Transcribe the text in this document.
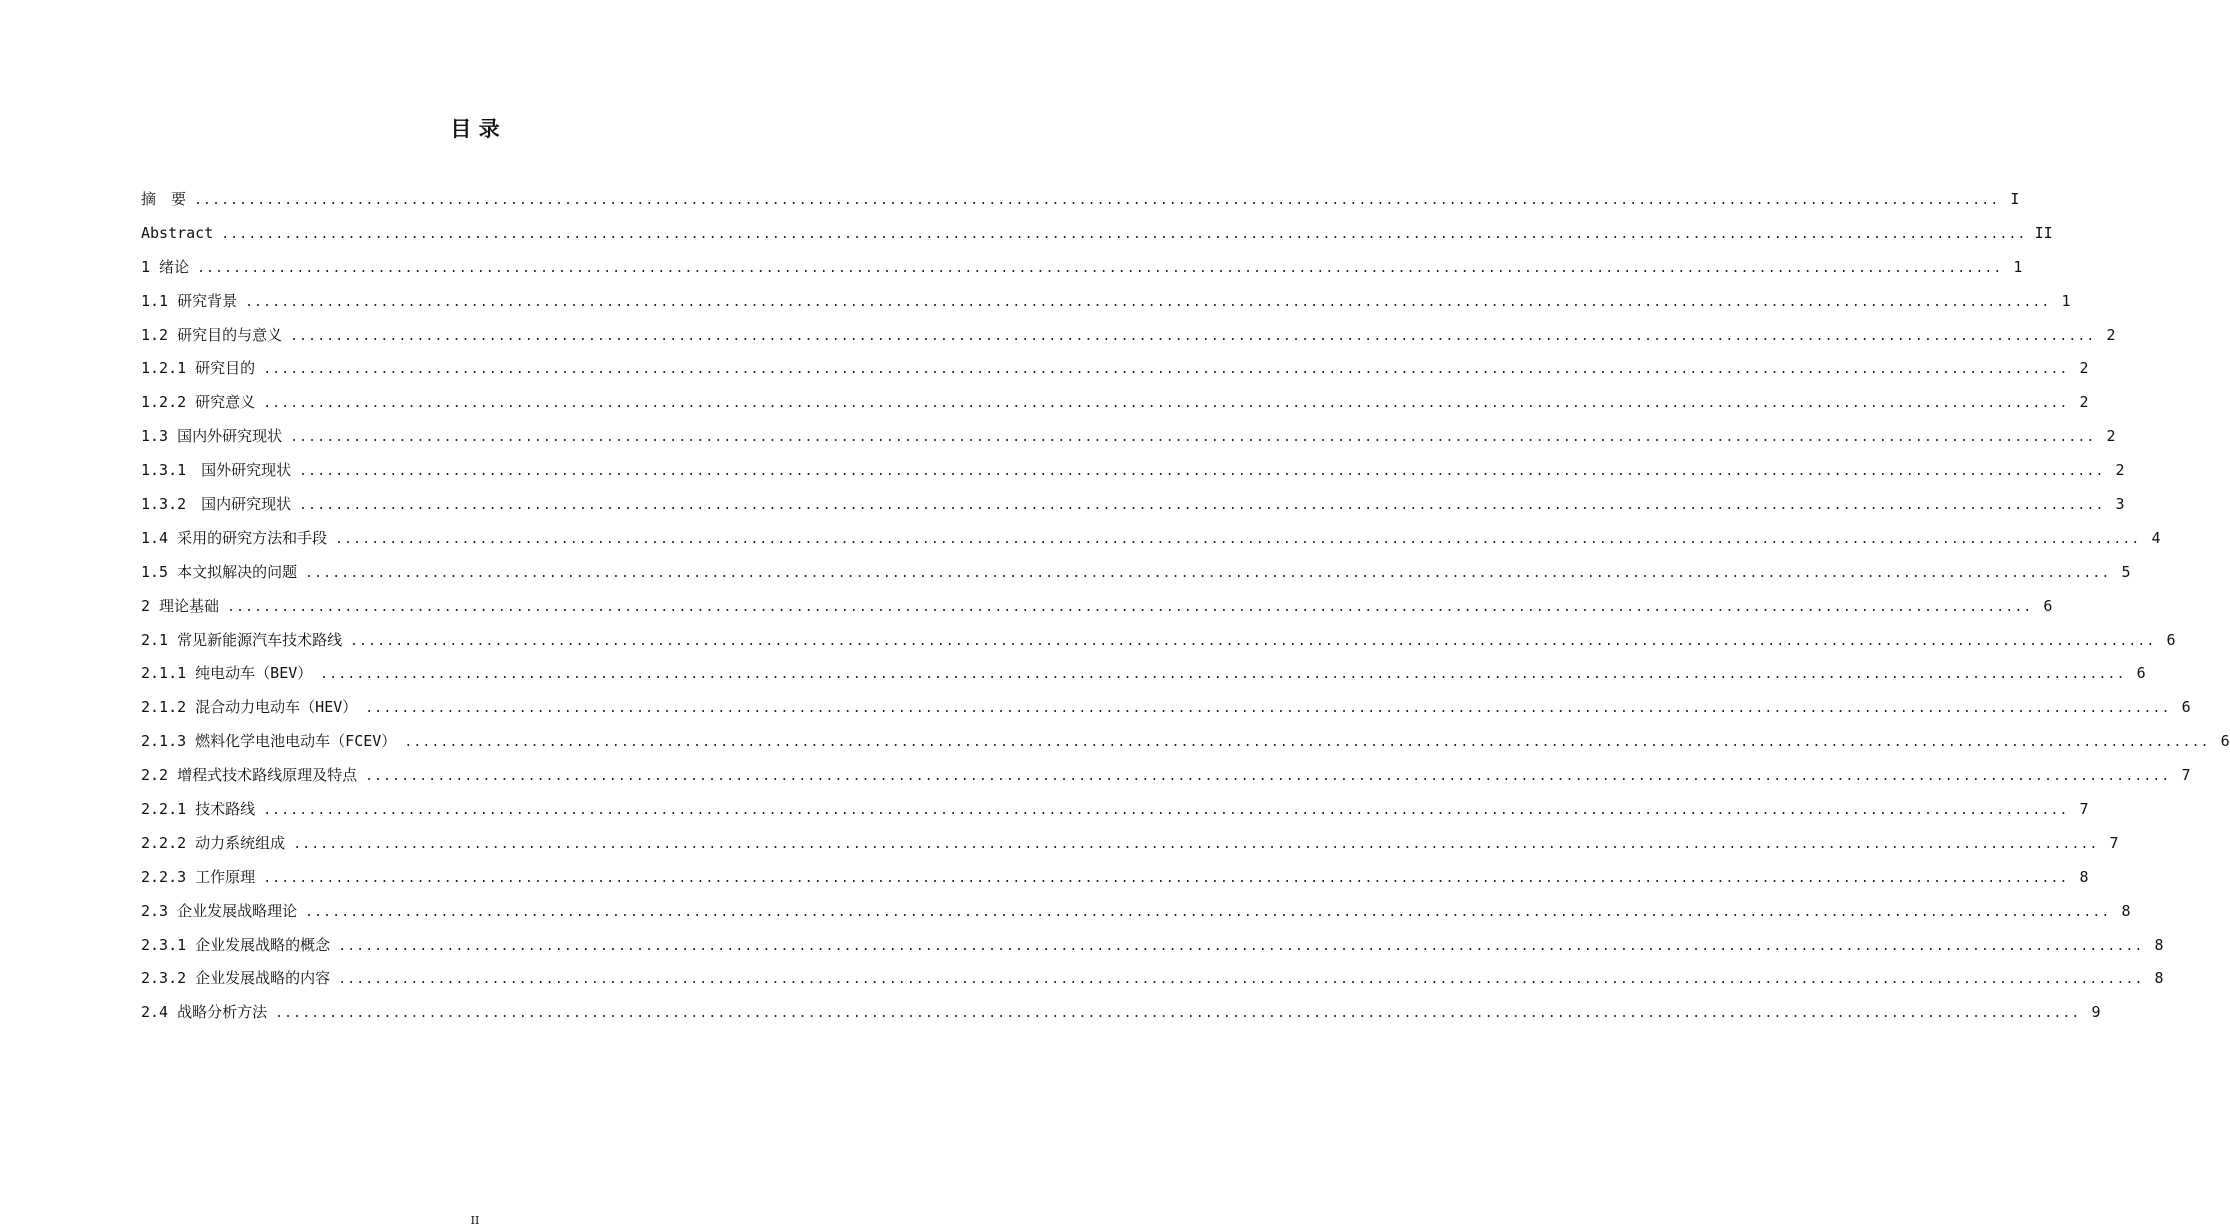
目 录
摘　要 ........................................................................................................................................................................................................ I
Abstract ........................................................................................................................................................................................................ II
1 绪论 ........................................................................................................................................................................................................ 1
1.1 研究背景 ........................................................................................................................................................................................................ 1
1.2 研究目的与意义 ........................................................................................................................................................................................................ 2
1.2.1 研究目的 ........................................................................................................................................................................................................ 2
1.2.2 研究意义 ........................................................................................................................................................................................................ 2
1.3 国内外研究现状 ........................................................................................................................................................................................................ 2
1.3.1　国外研究现状 ........................................................................................................................................................................................................ 2
1.3.2　国内研究现状 ........................................................................................................................................................................................................ 3
1.4 采用的研究方法和手段 ........................................................................................................................................................................................................ 4
1.5 本文拟解决的问题 ........................................................................................................................................................................................................ 5
2 理论基础 ........................................................................................................................................................................................................ 6
2.1 常见新能源汽车技术路线 ........................................................................................................................................................................................................ 6
2.1.1 纯电动车（BEV） ........................................................................................................................................................................................................ 6
2.1.2 混合动力电动车（HEV） ........................................................................................................................................................................................................ 6
2.1.3 燃料化学电池电动车（FCEV） ........................................................................................................................................................................................................ 6
2.2 增程式技术路线原理及特点 ........................................................................................................................................................................................................ 7
2.2.1 技术路线 ........................................................................................................................................................................................................ 7
2.2.2 动力系统组成 ........................................................................................................................................................................................................ 7
2.2.3 工作原理 ........................................................................................................................................................................................................ 8
2.3 企业发展战略理论 ........................................................................................................................................................................................................ 8
2.3.1 企业发展战略的概念 ........................................................................................................................................................................................................ 8
2.3.2 企业发展战略的内容 ........................................................................................................................................................................................................ 8
2.4 战略分析方法 ........................................................................................................................................................................................................ 9
II
